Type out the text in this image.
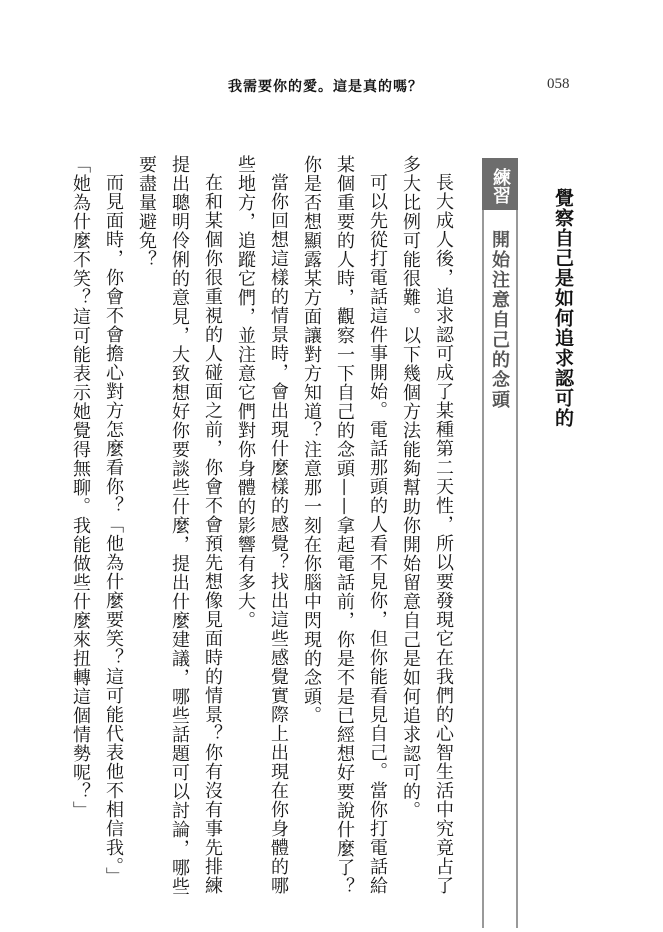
我需要你的愛。這是真的嗎？	058
覺察自己是如何追求認可的
練習
開始注意自己的念頭

長大成人後，追求認可成了某種第二天性，所以要發現它在我們的心智生活中究竟占了多大比例可能很難。以下幾個方法能夠幫助你開始留意自己是如何追求認可的。

可以先從打電話這件事開始。電話那頭的人看不見你，但你能看見自己。當你打電話給某個重要的人時，觀察一下自己的念頭——拿起電話前，你是不是已經想好要說什麼了？你是否想顯露某方面讓對方知道？注意那一刻在你腦中閃現的念頭。

當你回想這樣的情景時，會出現什麼樣的感覺？找出這些感覺實際上出現在你身體的哪些地方，追蹤它們，並注意它們對你身體的影響有多大。

在和某個你很重視的人碰面之前，你會不會預先想像見面時的情景？你有沒有事先排練提出聰明伶俐的意見，大致想好你要談些什麼，提出什麼建議，哪些話題可以討論，哪些要盡量避免？

而見面時，你會不會擔心對方怎麼看你？「他為什麼要笑？這可能代表他不相信我。」「她為什麼不笑？這可能表示她覺得無聊。我能做些什麼來扭轉這個情勢呢？」
